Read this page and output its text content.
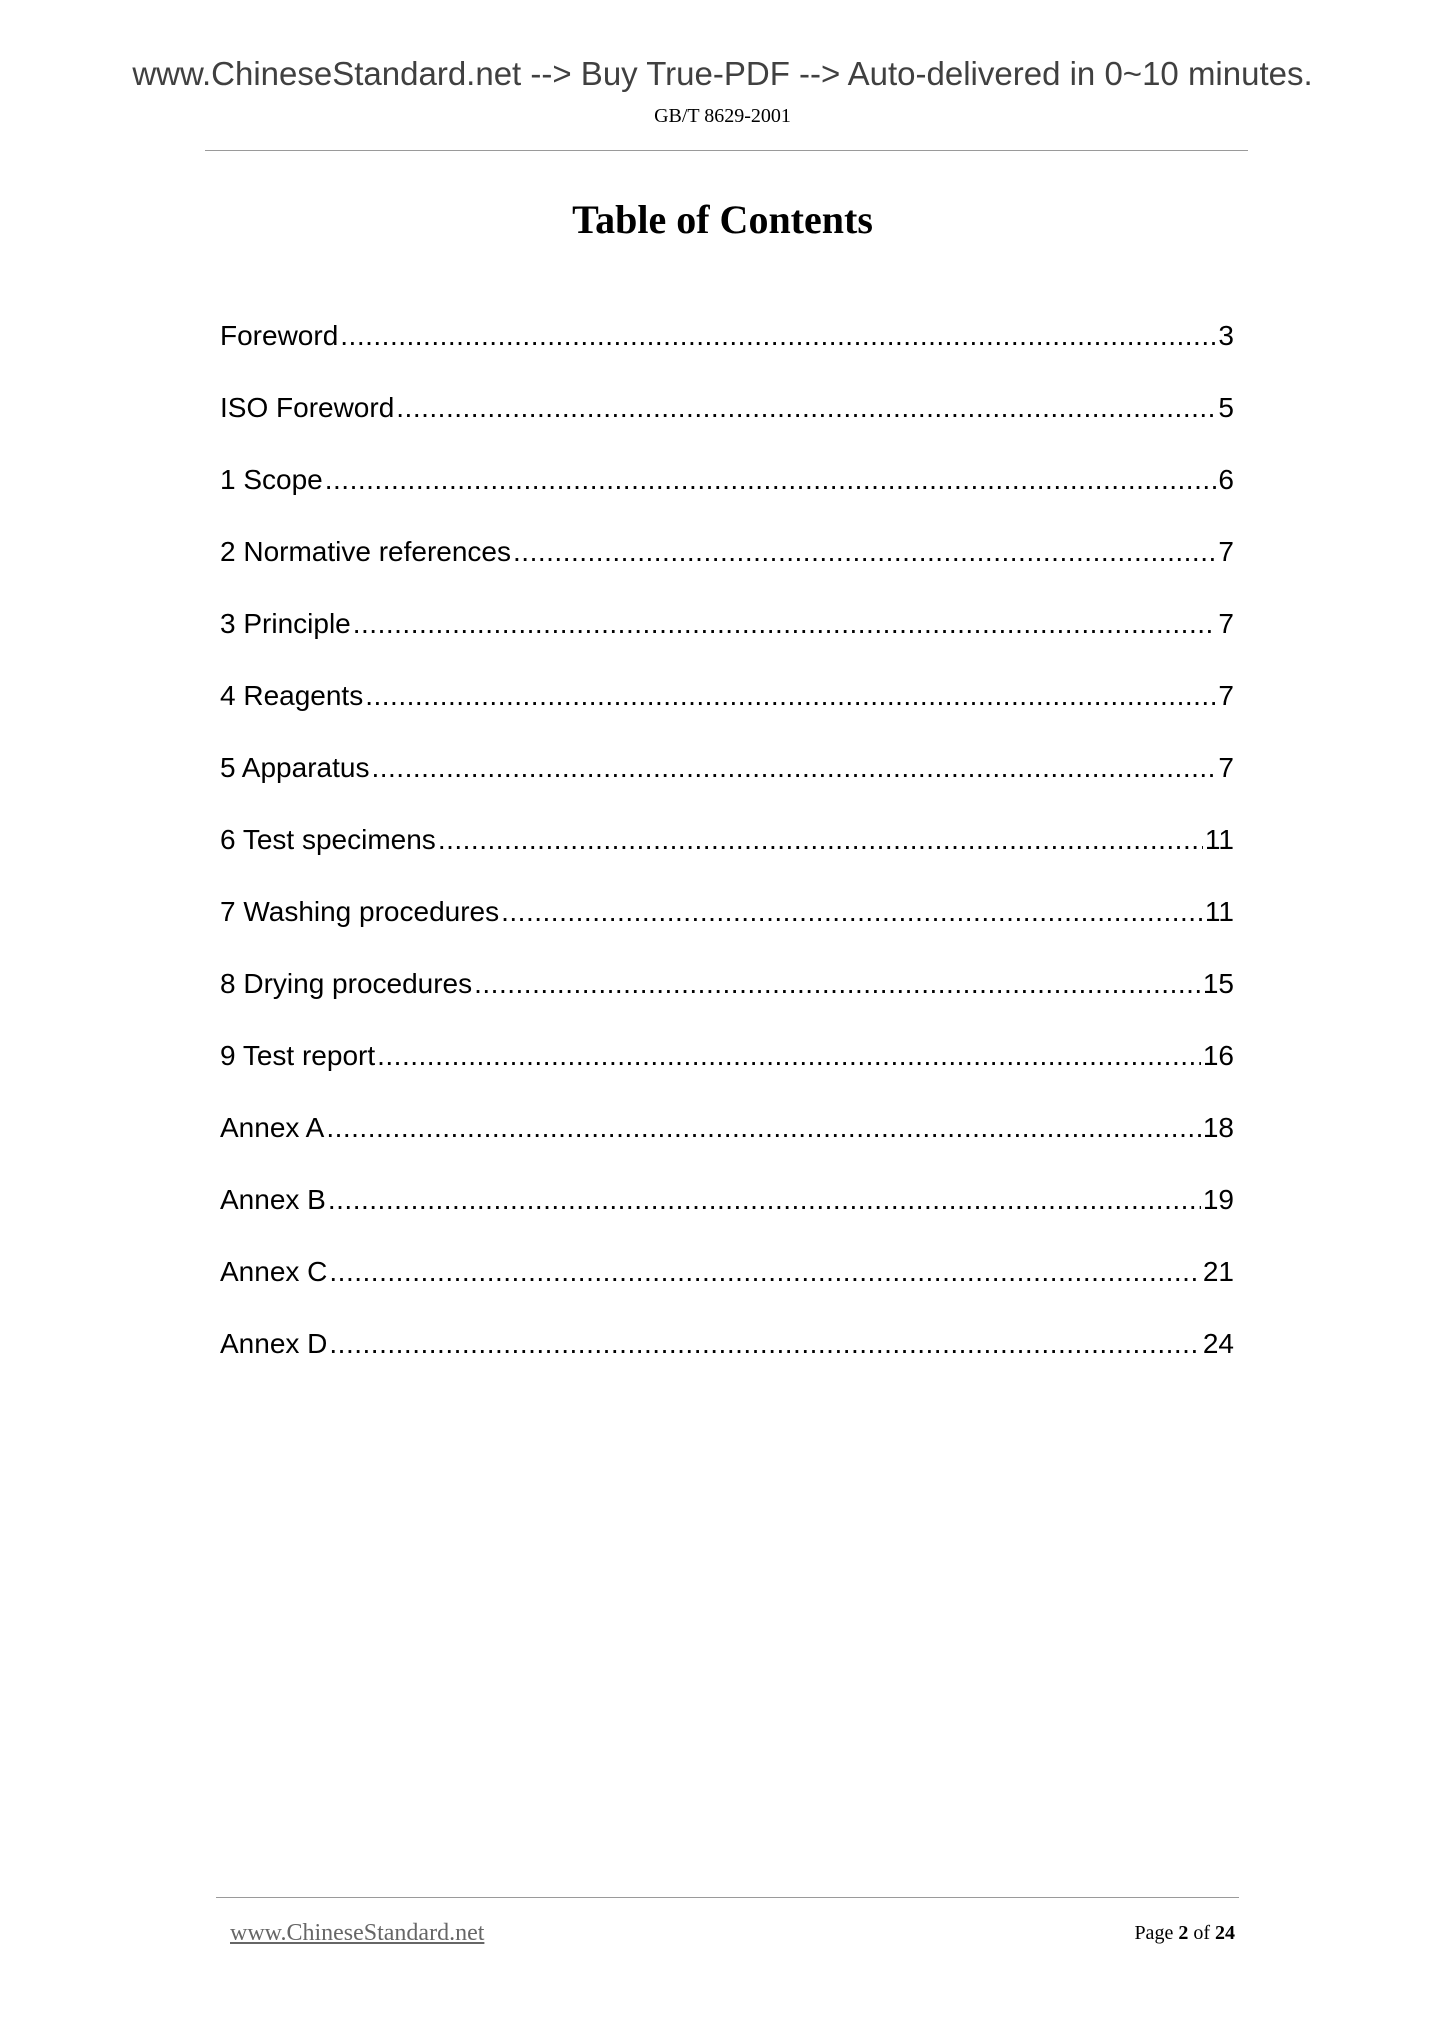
www.ChineseStandard.net --> Buy True-PDF --> Auto-delivered in 0~10 minutes.
GB/T 8629-2001
Table of Contents
Foreword .....	3
ISO Foreword .....	5
1 Scope .....	6
2 Normative references .....	7
3 Principle .....	7
4 Reagents .....	7
5 Apparatus .....	7
6 Test specimens .....	11
7 Washing procedures .....	11
8 Drying procedures .....	15
9 Test report .....	16
Annex A .....	18
Annex B .....	19
Annex C .....	21
Annex D .....	24
www.ChineseStandard.net	Page 2 of 24
